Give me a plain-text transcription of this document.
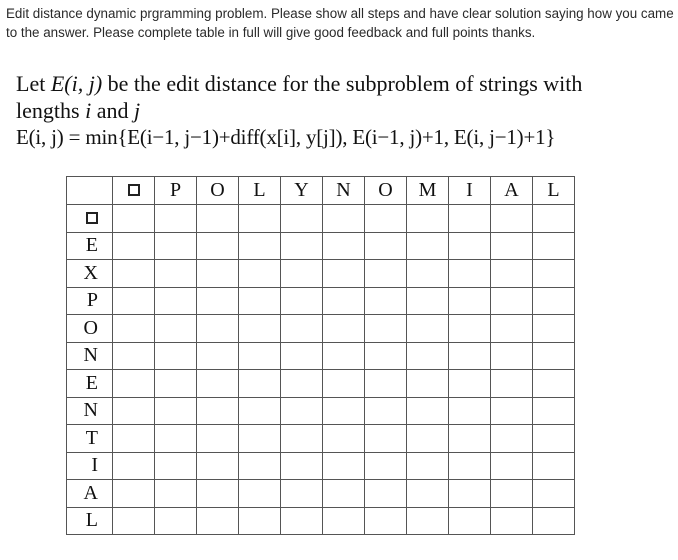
Edit distance dynamic prgramming problem. Please show all steps and have clear solution saying how you came to the answer. Please complete table in full will give good feedback and full points thanks.
Let E(i, j) be the edit distance for the subproblem of strings with
lengths i and j
E(i, j) = min{E(i−1, j−1)+diff(x[i], y[j]), E(i−1, j)+1, E(i, j−1)+1}
		P	O	L	Y	N	O	M	I	A	L

E											
X											
P											
O											
N											
E											
N											
T											
I											
A											
L											
